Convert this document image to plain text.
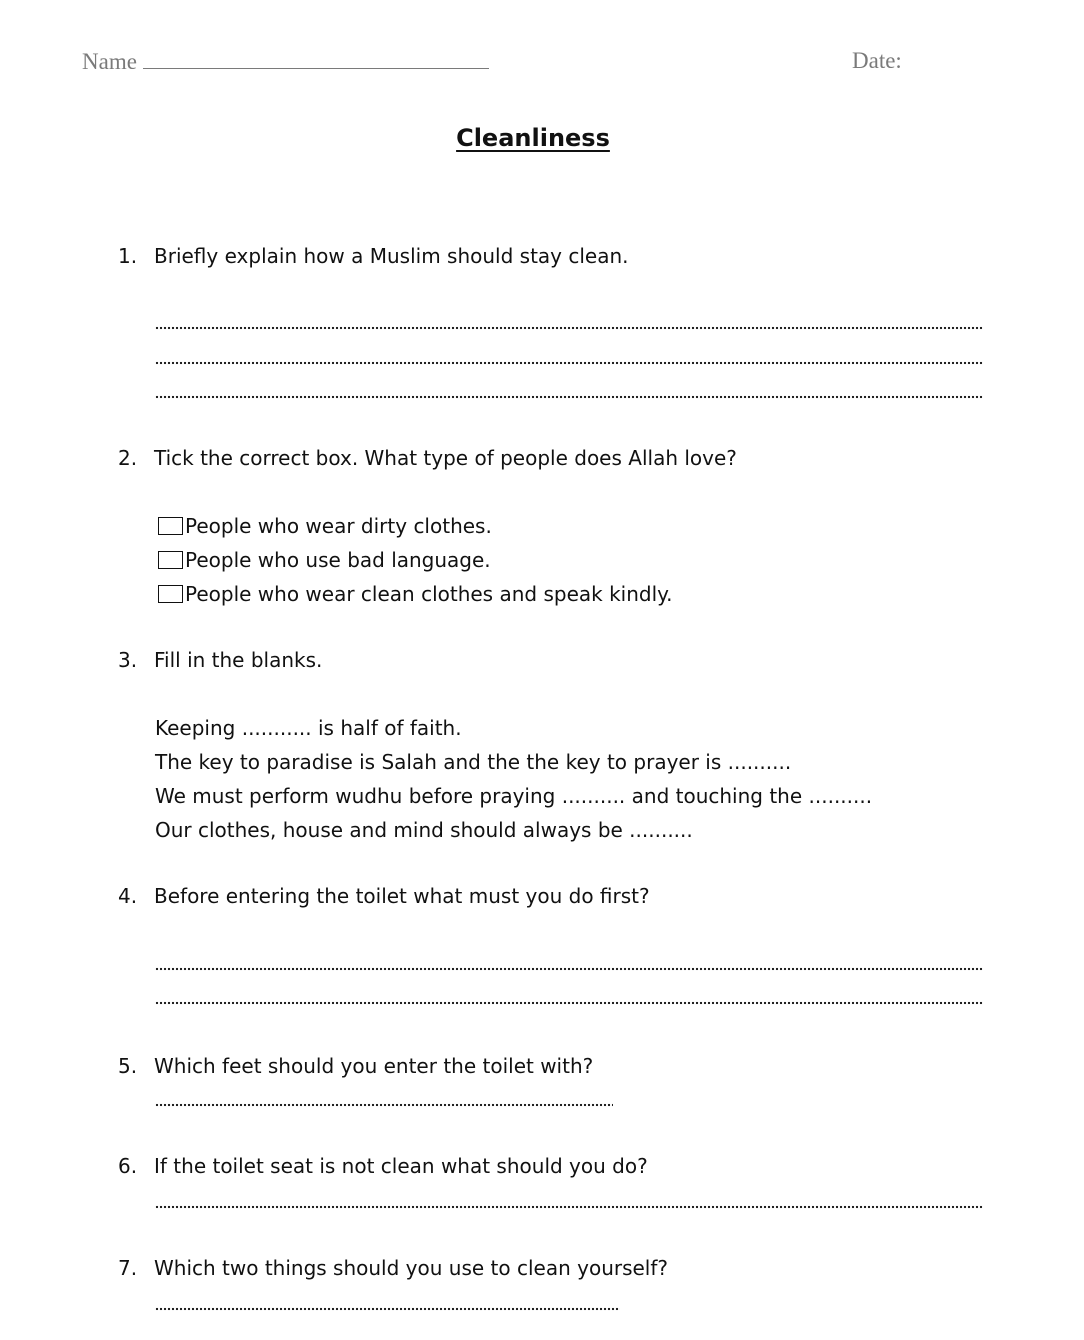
Name	Date:
Cleanliness
1. Briefly explain how a Muslim should stay clean.
2. Tick the correct box. What type of people does Allah love?
People who wear dirty clothes.
People who use bad language.
People who wear clean clothes and speak kindly.
3. Fill in the blanks.
Keeping ........... is half of faith.
The key to paradise is Salah and the the key to prayer is ..........
We must perform wudhu before praying .......... and touching the ..........
Our clothes, house and mind should always be ..........
4. Before entering the toilet what must you do first?
5. Which feet should you enter the toilet with?
6. If the toilet seat is not clean what should you do?
7. Which two things should you use to clean yourself?
